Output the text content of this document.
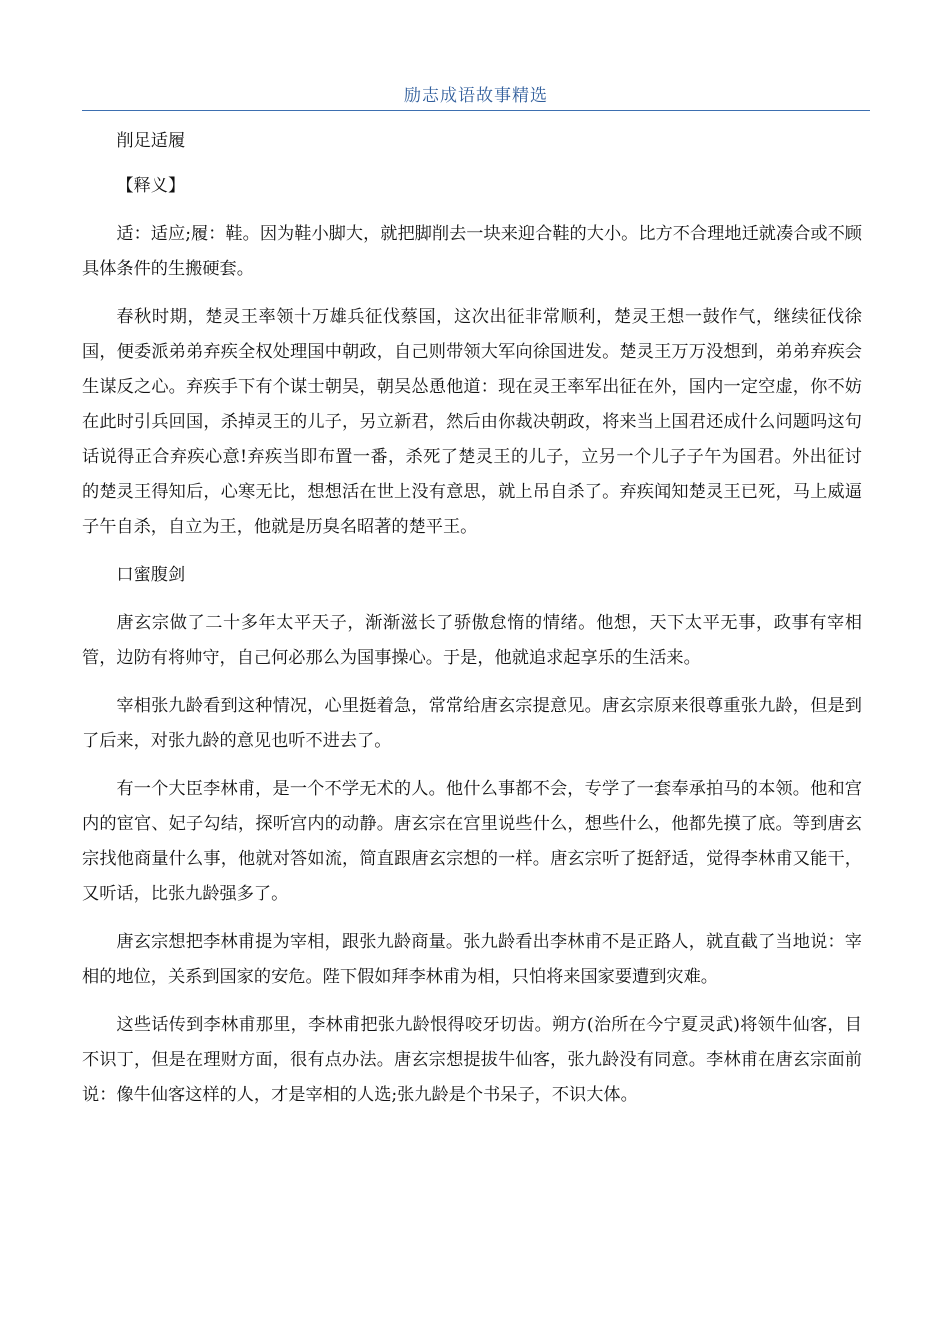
励志成语故事精选

削足适履

【释义】

适：适应;履：鞋。因为鞋小脚大，就把脚削去一块来迎合鞋的大小。比方不合理地迁就凑合或不顾具体条件的生搬硬套。

春秋时期，楚灵王率领十万雄兵征伐蔡国，这次出征非常顺利，楚灵王想一鼓作气，继续征伐徐国，便委派弟弟弃疾全权处理国中朝政，自己则带领大军向徐国进发。楚灵王万万没想到，弟弟弃疾会生谋反之心。弃疾手下有个谋士朝吴，朝吴怂恿他道：现在灵王率军出征在外，国内一定空虚，你不妨在此时引兵回国，杀掉灵王的儿子，另立新君，然后由你裁决朝政，将来当上国君还成什么问题吗这句话说得正合弃疾心意!弃疾当即布置一番，杀死了楚灵王的儿子，立另一个儿子子午为国君。外出征讨的楚灵王得知后，心寒无比，想想活在世上没有意思，就上吊自杀了。弃疾闻知楚灵王已死，马上威逼子午自杀，自立为王，他就是历臭名昭著的楚平王。

口蜜腹剑

唐玄宗做了二十多年太平天子，渐渐滋长了骄傲怠惰的情绪。他想，天下太平无事，政事有宰相管，边防有将帅守，自己何必那么为国事操心。于是，他就追求起享乐的生活来。

宰相张九龄看到这种情况，心里挺着急，常常给唐玄宗提意见。唐玄宗原来很尊重张九龄，但是到了后来，对张九龄的意见也听不进去了。

有一个大臣李林甫，是一个不学无术的人。他什么事都不会，专学了一套奉承拍马的本领。他和宫内的宦官、妃子勾结，探听宫内的动静。唐玄宗在宫里说些什么，想些什么，他都先摸了底。等到唐玄宗找他商量什么事，他就对答如流，简直跟唐玄宗想的一样。唐玄宗听了挺舒适，觉得李林甫又能干，又听话，比张九龄强多了。

唐玄宗想把李林甫提为宰相，跟张九龄商量。张九龄看出李林甫不是正路人，就直截了当地说：宰相的地位，关系到国家的安危。陛下假如拜李林甫为相，只怕将来国家要遭到灾难。

这些话传到李林甫那里，李林甫把张九龄恨得咬牙切齿。朔方(治所在今宁夏灵武)将领牛仙客，目不识丁，但是在理财方面，很有点办法。唐玄宗想提拔牛仙客，张九龄没有同意。李林甫在唐玄宗面前说：像牛仙客这样的人，才是宰相的人选;张九龄是个书呆子，不识大体。
